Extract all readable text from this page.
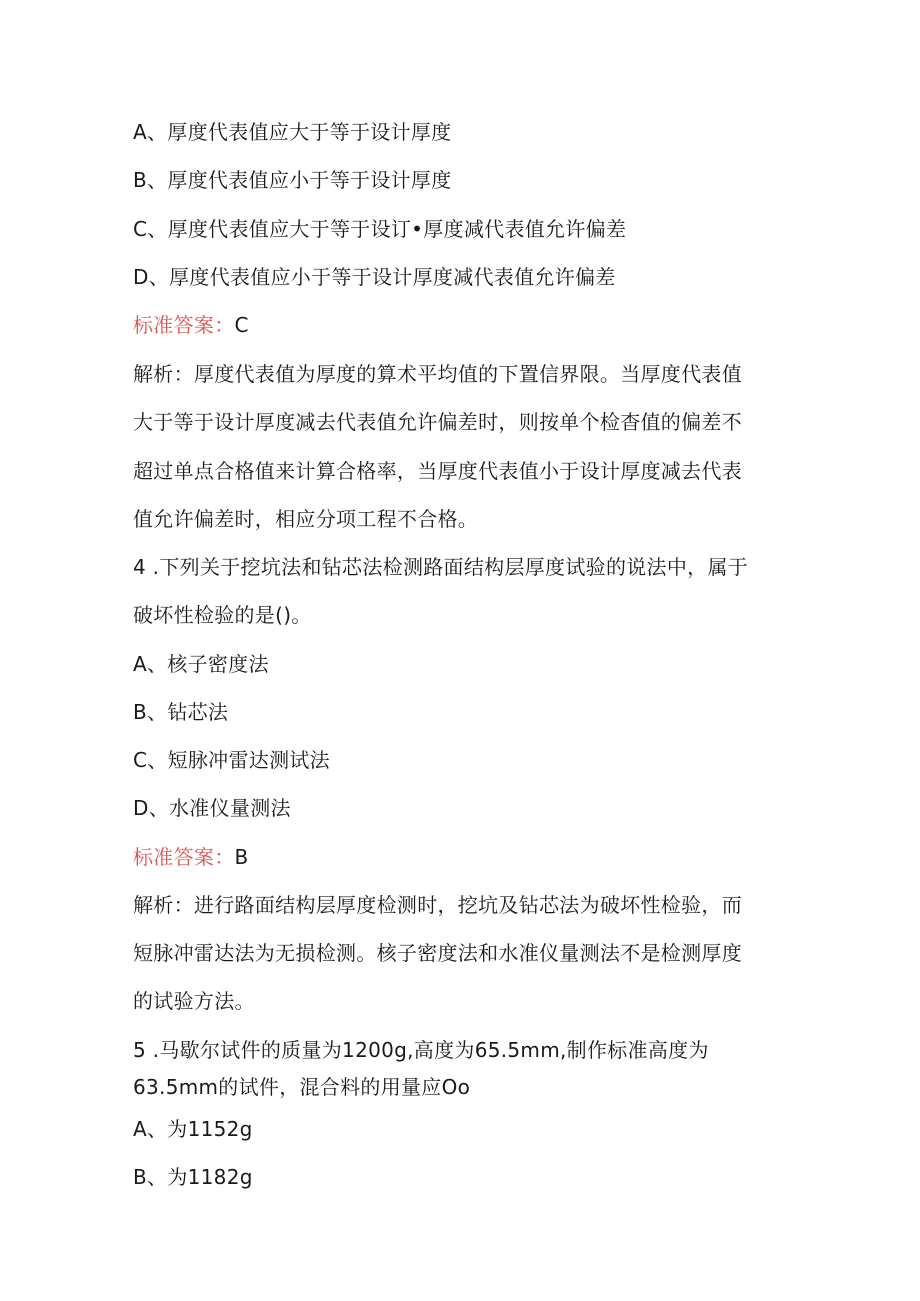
A、厚度代表值应大于等于设计厚度
B、厚度代表值应小于等于设计厚度
C、厚度代表值应大于等于设订•厚度减代表值允许偏差
D、厚度代表值应小于等于设计厚度减代表值允许偏差
标准答案：C
解析：厚度代表值为厚度的算术平均值的下置信界限。当厚度代表值
大于等于设计厚度减去代表值允许偏差时，则按单个检杳值的偏差不
超过单点合格值来计算合格率，当厚度代表值小于设计厚度减去代表
值允许偏差时，相应分项工程不合格。
4 .下列关于挖坑法和钻芯法检测路面结构层厚度试验的说法中，属于
破坏性检验的是()。
A、核子密度法
B、钻芯法
C、短脉冲雷达测试法
D、水准仪量测法
标准答案：B
解析：进行路面结构层厚度检测时，挖坑及钻芯法为破坏性检验，而
短脉冲雷达法为无损检测。核子密度法和水准仪量测法不是检测厚度
的试验方法。
5 .马歇尔试件的质量为1200g,高度为65.5mm,制作标准高度为
63.5mm的试件，混合料的用量应Oo
A、为1152g
B、为1182g
